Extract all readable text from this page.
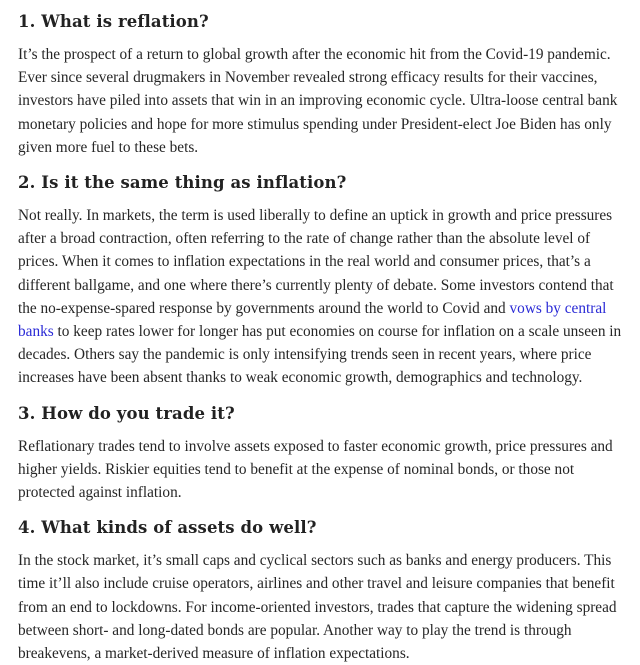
1. What is reflation?

It’s the prospect of a return to global growth after the economic hit from the Covid-19 pandemic. Ever since several drugmakers in November revealed strong efficacy results for their vaccines, investors have piled into assets that win in an improving economic cycle. Ultra-loose central bank monetary policies and hope for more stimulus spending under President-elect Joe Biden has only given more fuel to these bets.

2. Is it the same thing as inflation?

Not really. In markets, the term is used liberally to define an uptick in growth and price pressures after a broad contraction, often referring to the rate of change rather than the absolute level of prices. When it comes to inflation expectations in the real world and consumer prices, that’s a different ballgame, and one where there’s currently plenty of debate. Some investors contend that the no-expense-spared response by governments around the world to Covid and vows by central banks to keep rates lower for longer has put economies on course for inflation on a scale unseen in decades. Others say the pandemic is only intensifying trends seen in recent years, where price increases have been absent thanks to weak economic growth, demographics and technology.

3. How do you trade it?

Reflationary trades tend to involve assets exposed to faster economic growth, price pressures and higher yields. Riskier equities tend to benefit at the expense of nominal bonds, or those not protected against inflation.

4. What kinds of assets do well?

In the stock market, it’s small caps and cyclical sectors such as banks and energy producers. This time it’ll also include cruise operators, airlines and other travel and leisure companies that benefit from an end to lockdowns. For income-oriented investors, trades that capture the widening spread between short- and long-dated bonds are popular. Another way to play the trend is through breakevens, a market-derived measure of inflation expectations.
